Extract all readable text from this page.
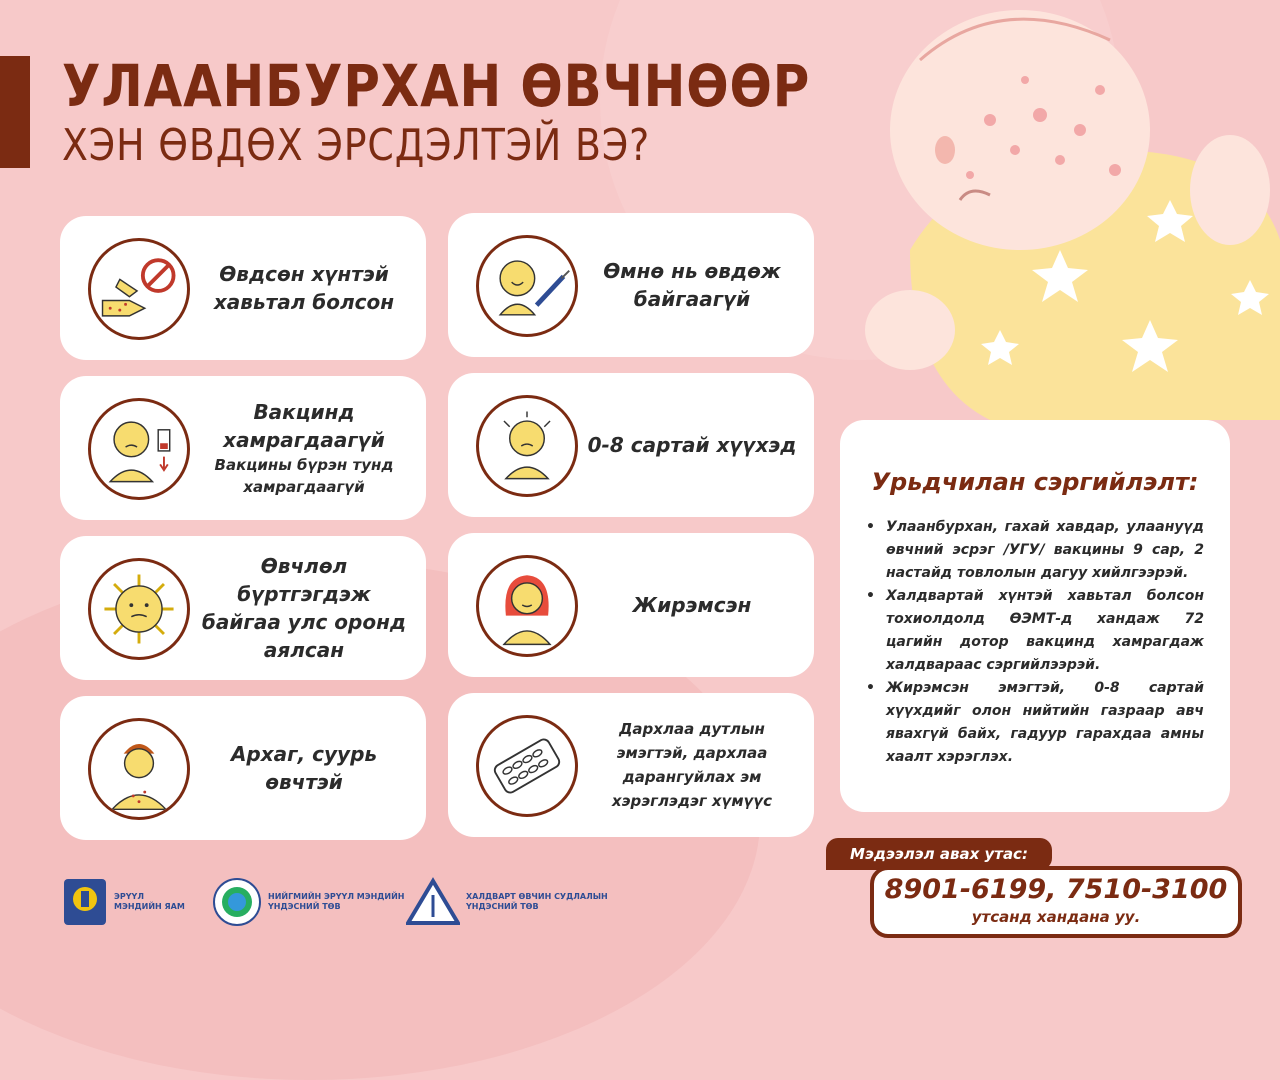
УЛААНБУРХАН ӨВЧНӨӨР
ХЭН ӨВДӨХ ЭРСДЭЛТЭЙ ВЭ?
Өвдсөн хүнтэй хавьтал болсон
Өмнө нь өвдөж байгаагүй
Вакцинд хамрагдаагүй
Вакцины бүрэн тунд хамрагдаагүй
0-8 сартай хүүхэд
Өвчлөл бүртгэгдэж байгаа улс оронд аялсан
Жирэмсэн
Архаг, суурь өвчтэй
Дархлаа дутлын эмэгтэй, дархлаа дарангуйлах эм хэрэглэдэг хүмүүс
Урьдчилан сэргийлэлт:
• Улаанбурхан, гахай хавдар, улаануүд өвчний эсрэг /УГУ/ вакцины 9 сар, 2 настайд товлолын дагуу хийлгээрэй.
• Халдвартай хүнтэй хавьтал болсон тохиолдолд ӨЭМТ-д хандаж 72 цагийн дотор вакцинд хамрагдаж халдвараас сэргийлээрэй.
• Жирэмсэн эмэгтэй, 0-8 сартай хүүхдийг олон нийтийн газраар авч явахгүй байх, гадуур гарахдаа амны хаалт хэрэглэх.
Мэдээлэл авах утас:
8901-6199, 7510-3100
утсанд хандана уу.
ЭРҮҮЛ
МЭНДИЙН ЯАМ
НИЙГМИЙН ЭРҮҮЛ МЭНДИЙН
ҮНДЭСНИЙ ТӨВ
ХАЛДВАРТ ӨВЧИН СУДЛАЛЫН
ҮНДЭСНИЙ ТӨВ
